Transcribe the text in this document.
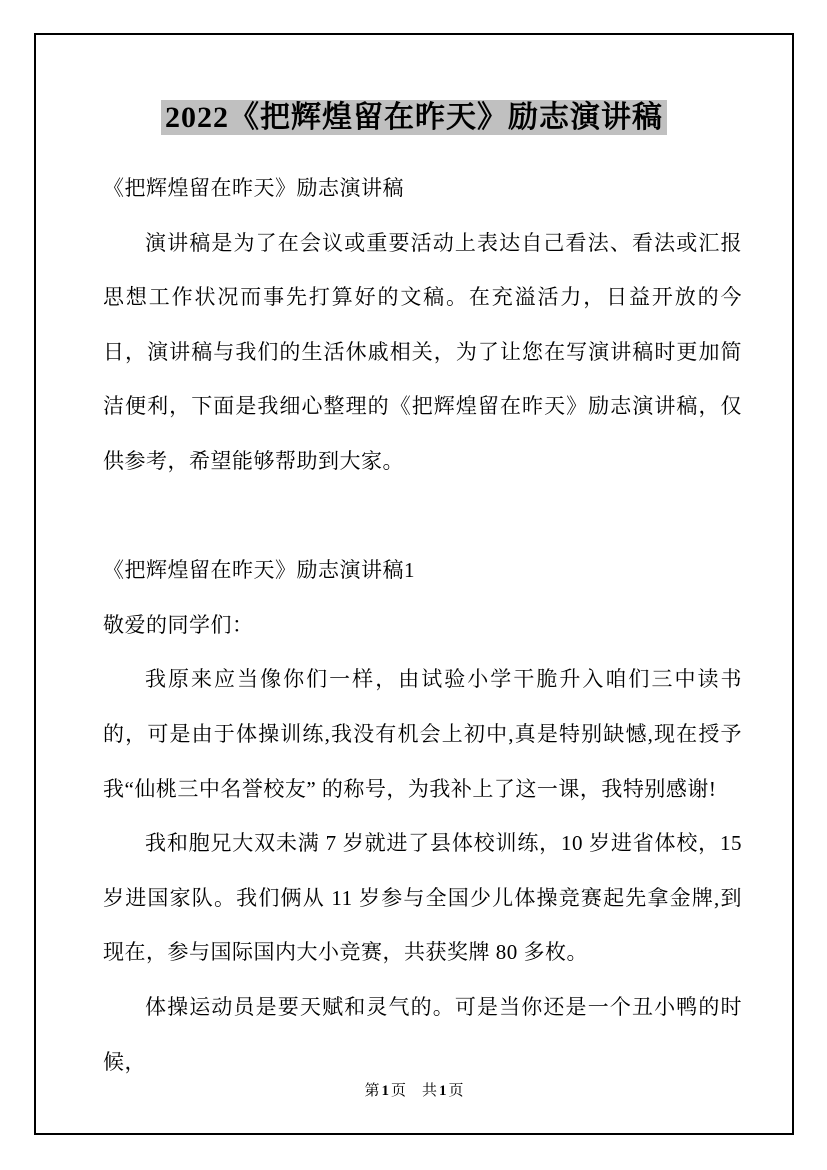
2022《把辉煌留在昨天》励志演讲稿

《把辉煌留在昨天》励志演讲稿

演讲稿是为了在会议或重要活动上表达自己看法、看法或汇报思想工作状况而事先打算好的文稿。在充溢活力，日益开放的今日，演讲稿与我们的生活休戚相关，为了让您在写演讲稿时更加简洁便利，下面是我细心整理的《把辉煌留在昨天》励志演讲稿，仅供参考，希望能够帮助到大家。

《把辉煌留在昨天》励志演讲稿1

敬爱的同学们：

我原来应当像你们一样，由试验小学干脆升入咱们三中读书的，可是由于体操训练,我没有机会上初中,真是特别缺憾,现在授予我“仙桃三中名誉校友” 的称号，为我补上了这一课，我特别感谢!

我和胞兄大双未满 7 岁就进了县体校训练，10 岁进省体校，15 岁进国家队。我们俩从 11 岁参与全国少儿体操竞赛起先拿金牌,到现在，参与国际国内大小竞赛，共获奖牌 80 多枚。

体操运动员是要天赋和灵气的。可是当你还是一个丑小鸭的时候，

第 1 页 共 1 页
